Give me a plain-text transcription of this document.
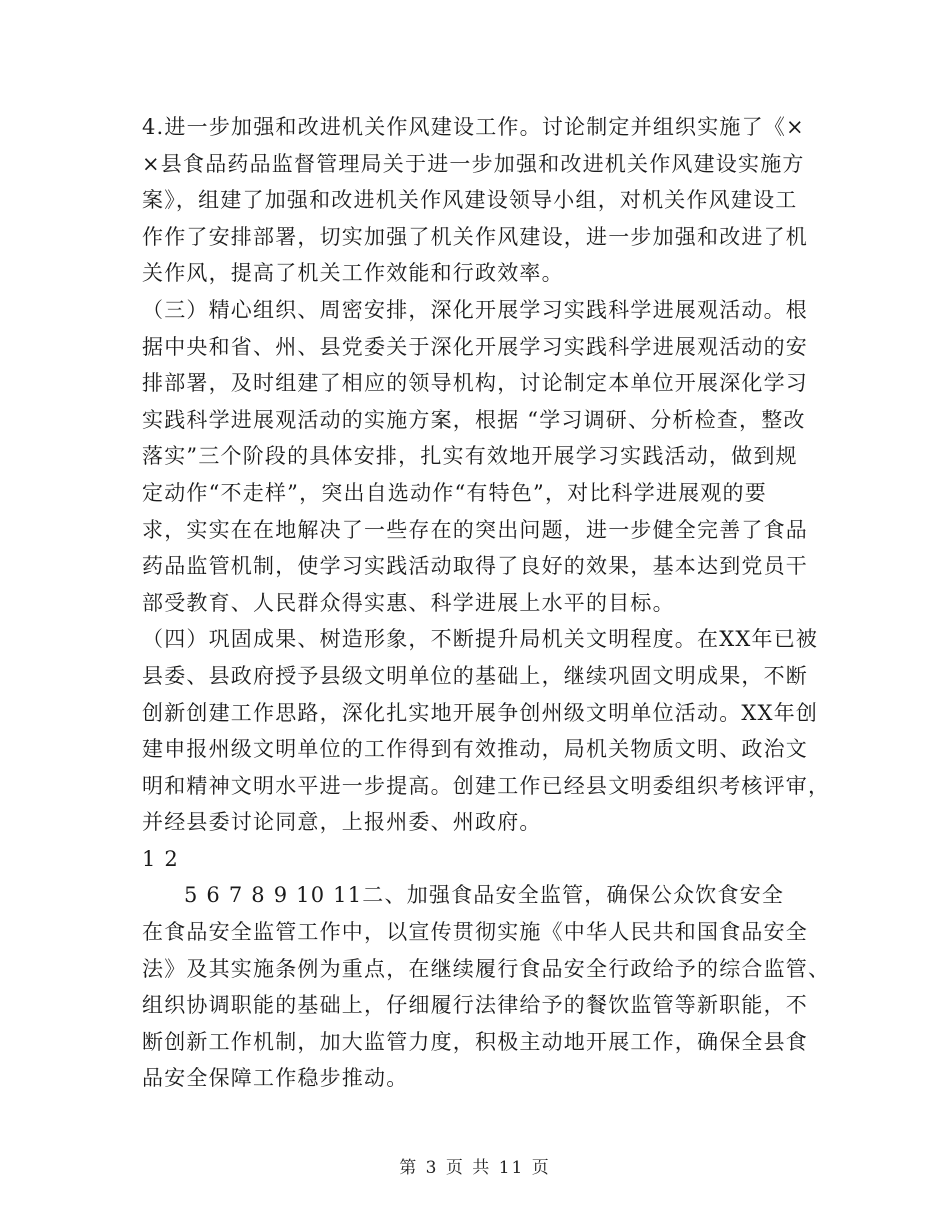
4.进一步加强和改进机关作风建设工作。讨论制定并组织实施了《×
×县食品药品监督管理局关于进一步加强和改进机关作风建设实施方
案》，组建了加强和改进机关作风建设领导小组，对机关作风建设工
作作了安排部署，切实加强了机关作风建设，进一步加强和改进了机
关作风，提高了机关工作效能和行政效率。

（三）精心组织、周密安排，深化开展学习实践科学进展观活动。根
据中央和省、州、县党委关于深化开展学习实践科学进展观活动的安
排部署，及时组建了相应的领导机构，讨论制定本单位开展深化学习
实践科学进展观活动的实施方案，根据 “学习调研、分析检查，整改
落实”三个阶段的具体安排，扎实有效地开展学习实践活动，做到规
定动作“不走样”，突出自选动作“有特色”，对比科学进展观的要
求，实实在在地解决了一些存在的突出问题，进一步健全完善了食品
药品监管机制，使学习实践活动取得了良好的效果，基本达到党员干
部受教育、人民群众得实惠、科学进展上水平的目标。

（四）巩固成果、树造形象，不断提升局机关文明程度。在XX年已被
县委、县政府授予县级文明单位的基础上，继续巩固文明成果，不断
创新创建工作思路，深化扎实地开展争创州级文明单位活动。XX年创
建申报州级文明单位的工作得到有效推动，局机关物质文明、政治文
明和精神文明水平进一步提高。创建工作已经县文明委组织考核评审，
并经县委讨论同意，上报州委、州政府。

1 2

5 6 7 8 9 10 11二、加强食品安全监管，确保公众饮食安全

在食品安全监管工作中，以宣传贯彻实施《中华人民共和国食品安全
法》及其实施条例为重点，在继续履行食品安全行政给予的综合监管、
组织协调职能的基础上，仔细履行法律给予的餐饮监管等新职能，不
断创新工作机制，加大监管力度，积极主动地开展工作，确保全县食
品安全保障工作稳步推动。

第 3 页 共 11 页
